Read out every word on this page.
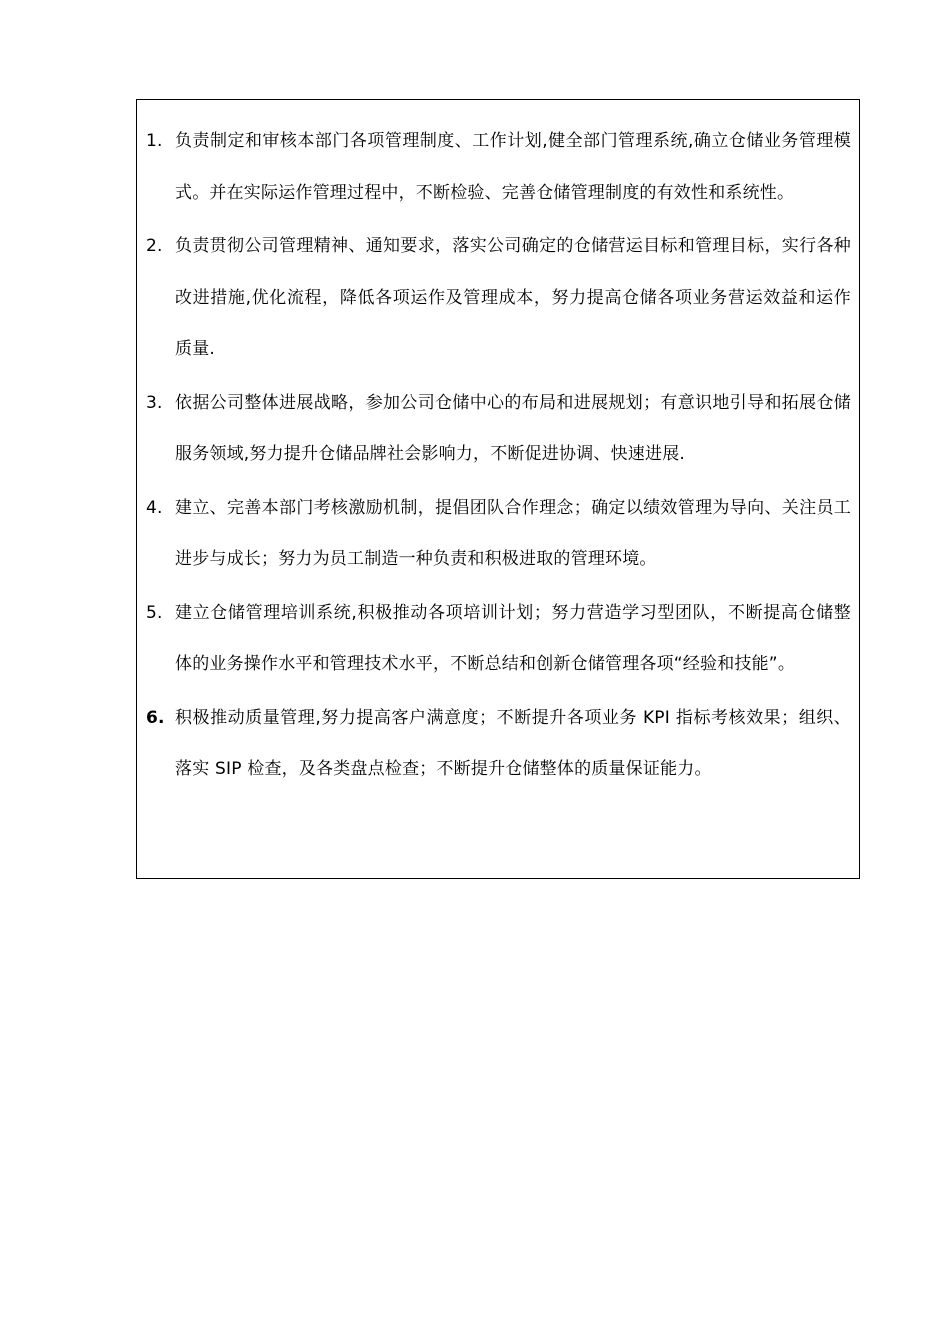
1. 负责制定和审核本部门各项管理制度、工作计划,健全部门管理系统,确立仓储业务管理模式。并在实际运作管理过程中，不断检验、完善仓储管理制度的有效性和系统性。
2. 负责贯彻公司管理精神、通知要求，落实公司确定的仓储营运目标和管理目标，实行各种改进措施,优化流程，降低各项运作及管理成本，努力提高仓储各项业务营运效益和运作质量.
3. 依据公司整体进展战略，参加公司仓储中心的布局和进展规划；有意识地引导和拓展仓储服务领域,努力提升仓储品牌社会影响力，不断促进协调、快速进展.
4. 建立、完善本部门考核激励机制，提倡团队合作理念；确定以绩效管理为导向、关注员工进步与成长；努力为员工制造一种负责和积极进取的管理环境。
5. 建立仓储管理培训系统,积极推动各项培训计划；努力营造学习型团队，不断提高仓储整体的业务操作水平和管理技术水平，不断总结和创新仓储管理各项“经验和技能”。
6. 积极推动质量管理,努力提高客户满意度；不断提升各项业务 KPI 指标考核效果；组织、落实 SIP 检查，及各类盘点检查；不断提升仓储整体的质量保证能力。
